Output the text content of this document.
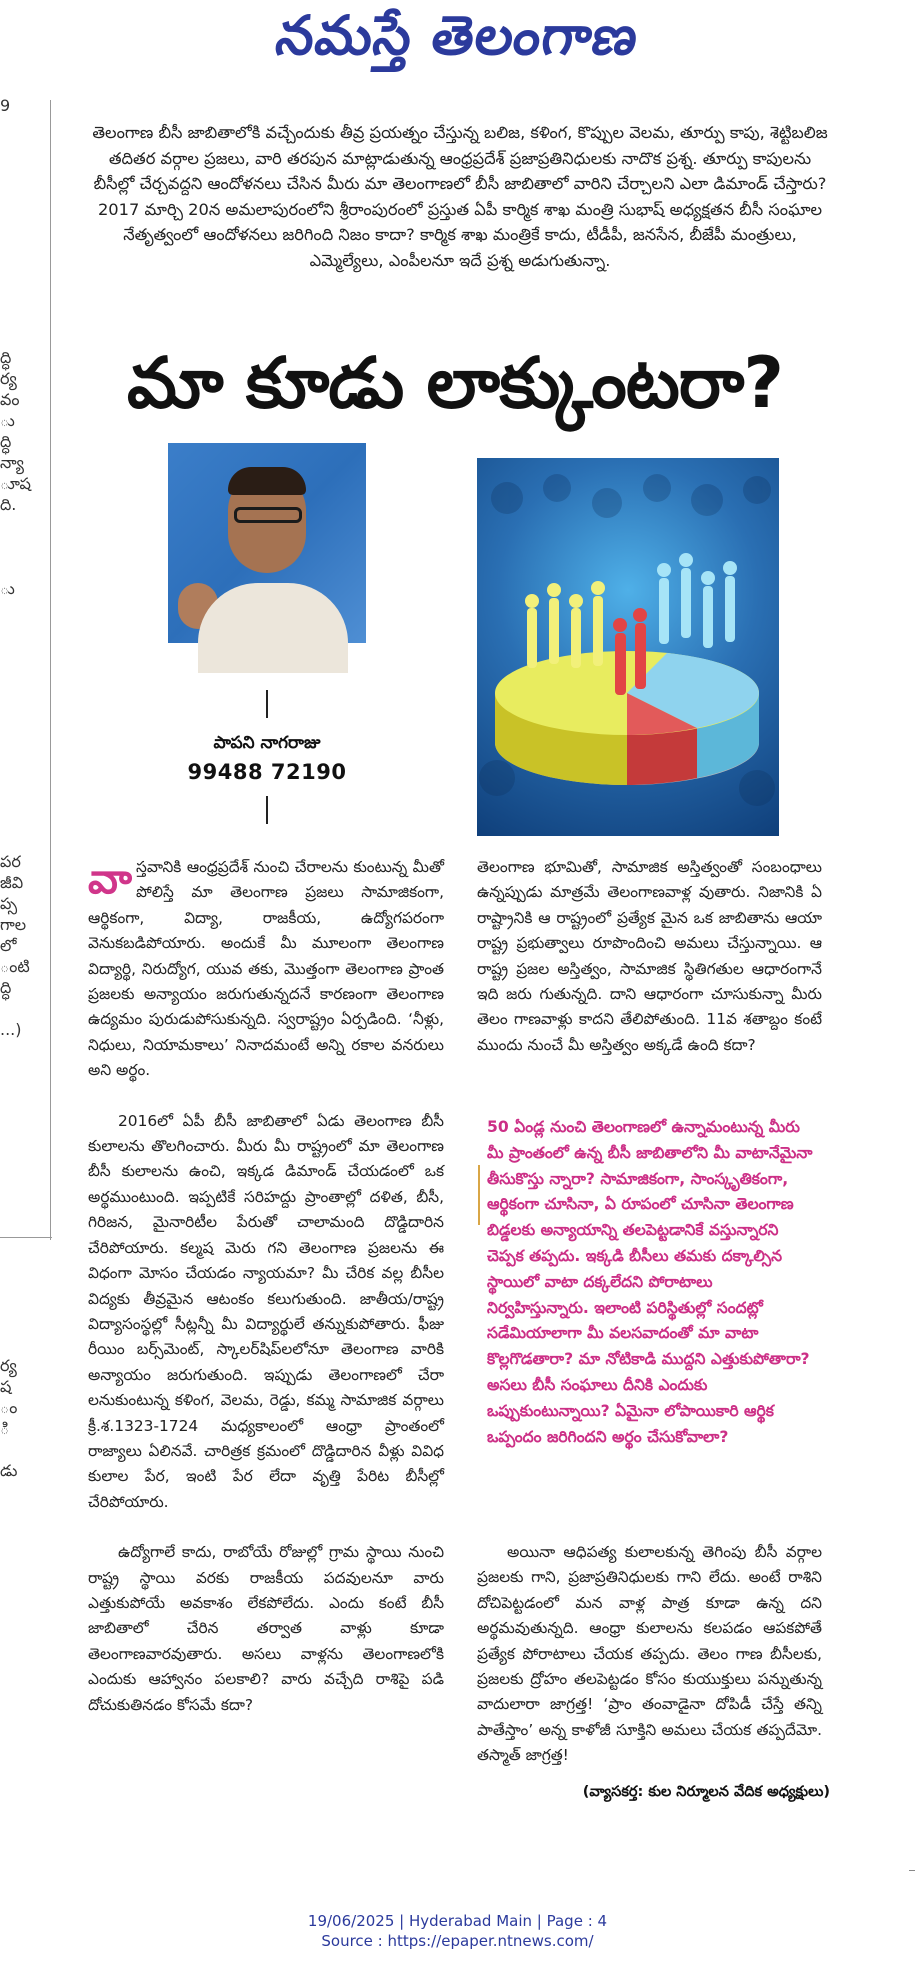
నమస్తే తెలంగాణ
9
ద్ధి
ర్య
వం
ు
ద్ధి
న్యా
ూష
ది.
ు
పర
జీవి
ప్స
గాల
లో
ంటి
ద్ధి
...)
ర్య
ష
ం
ి
డు
తెలంగాణ బీసీ జాబితాలోకి వచ్చేందుకు తీవ్ర ప్రయత్నం చేస్తున్న బలిజ, కళింగ, కొప్పుల వెలమ, తూర్పు కాపు, శెట్టిబలిజ తదితర వర్గాల ప్రజలు, వారి తరపున మాట్లాడుతున్న ఆంధ్రప్రదేశ్ ప్రజాప్రతినిధులకు నాదొక ప్రశ్న. తూర్పు కాపులను బీసీల్లో చేర్చవద్దని ఆందోళనలు చేసిన మీరు మా తెలంగాణలో బీసీ జాబితాలో వారిని చేర్చాలని ఎలా డిమాండ్ చేస్తారు? 2017 మార్చి 20న అమలాపురంలోని శ్రీరాంపురంలో ప్రస్తుత ఏపీ కార్మిక శాఖ మంత్రి సుభాష్ అధ్యక్షతన బీసీ సంఘాల నేతృత్వంలో ఆందోళనలు జరిగింది నిజం కాదా? కార్మిక శాఖ మంత్రికే కాదు, టీడీపీ, జనసేన, బీజేపీ మంత్రులు, ఎమ్మెల్యేలు, ఎంపీలనూ ఇదే ప్రశ్న అడుగుతున్నా.
మా కూడు లాక్కుంటరా?
పాపని నాగరాజు
99488 72190

వాస్తవానికి ఆంధ్రప్రదేశ్ నుంచి చేరాలను కుంటున్న మీతో పోలిస్తే మా తెలంగాణ ప్రజలు సామాజికంగా, ఆర్థికంగా, విద్యా, రాజకీయ, ఉద్యోగపరంగా వెనుకబడిపోయారు. అందుకే మీ మూలంగా తెలంగాణ విద్యార్థి, నిరుద్యోగ, యువ తకు, మొత్తంగా తెలంగాణ ప్రాంత ప్రజలకు అన్యాయం జరుగుతున్నదనే కారణంగా తెలంగాణ ఉద్యమం పురుడుపోసుకున్నది. స్వరాష్ట్రం ఏర్పడింది. ‘నీళ్లు, నిధులు, నియామకాలు’ నినాదమంటే అన్ని రకాల వనరులు అని అర్థం.

2016లో ఏపీ బీసీ జాబితాలో ఏడు తెలంగాణ బీసీ కులాలను తొలగించారు. మీరు మీ రాష్ట్రంలో మా తెలంగాణ బీసీ కులాలను ఉంచి, ఇక్కడ డిమాండ్ చేయడంలో ఒక అర్థముంటుంది. ఇప్పటికే సరిహద్దు ప్రాంతాల్లో దళిత, బీసీ, గిరిజన, మైనారిటీల పేరుతో చాలామంది దొడ్డిదారిన చేరిపోయారు. కల్మష మెరు గని తెలంగాణ ప్రజలను ఈ విధంగా మోసం చేయడం న్యాయమా? మీ చేరిక వల్ల బీసీల విద్యకు తీవ్రమైన ఆటంకం కలుగుతుంది. జాతీయ/రాష్ట్ర విద్యాసంస్థల్లో సీట్లన్నీ మీ విద్యార్థులే తన్నుకుపోతారు. ఫీజు రీయిం బర్స్‌మెంట్, స్కాలర్‌షిప్‌లలోనూ తెలంగాణ వారికి అన్యాయం జరుగుతుంది. ఇప్పుడు తెలంగాణలో చేరా లనుకుంటున్న కళింగ, వెలమ, రెడ్డు, కమ్మ సామాజిక వర్గాలు క్రీ.శ.1323-1724 మధ్యకాలంలో ఆంధ్రా ప్రాంతంలో రాజ్యాలు ఏలినవే. చారిత్రక క్రమంలో దొడ్డిదారిన వీళ్లు వివిధ కులాల పేర, ఇంటి పేర లేదా వృత్తి పేరిట బీసీల్లో చేరిపోయారు.

ఉద్యోగాలే కాదు, రాబోయే రోజుల్లో గ్రామ స్థాయి నుంచి రాష్ట్ర స్థాయి వరకు రాజకీయ పదవులనూ వారు ఎత్తుకుపోయే అవకాశం లేకపోలేదు. ఎందు కంటే బీసీ జాబితాలో చేరిన తర్వాత వాళ్లు కూడా తెలంగాణవారవుతారు. అసలు వాళ్లను తెలంగాణలోకి ఎందుకు ఆహ్వానం పలకాలి? వారు వచ్చేది రాశిపై పడి దోచుకుతినడం కోసమే కదా?

తెలంగాణ భూమితో, సామాజిక అస్తిత్వంతో సంబంధాలు ఉన్నప్పుడు మాత్రమే తెలంగాణవాళ్ల వుతారు. నిజానికి ఏ రాష్ట్రానికి ఆ రాష్ట్రంలో ప్రత్యేక మైన ఒక జాబితాను ఆయా రాష్ట్ర ప్రభుత్వాలు రూపొందించి అమలు చేస్తున్నాయి. ఆ రాష్ట్ర ప్రజల అస్తిత్వం, సామాజిక స్థితిగతుల ఆధారంగానే ఇది జరు గుతున్నది. దాని ఆధారంగా చూసుకున్నా మీరు తెలం గాణవాళ్లు కాదని తేలిపోతుంది. 11వ శతాబ్దం కంటే ముందు నుంచే మీ అస్తిత్వం అక్కడే ఉంది కదా?

50 ఏండ్ల నుంచి తెలంగాణలో ఉన్నామంటున్న మీరు మీ ప్రాంతంలో ఉన్న బీసీ జాబితాలోని మీ వాటానేమైనా తీసుకొస్తు న్నారా? సామాజికంగా, సాంస్కృతికంగా, ఆర్థికంగా చూసినా, ఏ రూపంలో చూసినా తెలంగాణ బిడ్డలకు అన్యాయాన్ని తలపెట్టడానికే వస్తున్నారని చెప్పక తప్పదు. ఇక్కడి బీసీలు తమకు దక్కాల్సిన స్థాయిలో వాటా దక్కలేదని పోరాటాలు నిర్వహిస్తున్నారు. ఇలాంటి పరిస్థితుల్లో సందట్లో సడేమియాలాగా మీ వలసవాదంతో మా వాటా కొల్లగొడతారా? మా నోటికాడి ముద్దని ఎత్తుకుపోతారా? అసలు బీసీ సంఘాలు దీనికి ఎందుకు ఒప్పుకుంటున్నాయి? ఏమైనా లోపాయికారి ఆర్థిక ఒప్పందం జరిగిందని అర్థం చేసుకోవాలా?

అయినా ఆధిపత్య కులాలకున్న తెగింపు బీసీ వర్గాల ప్రజలకు గాని, ప్రజాప్రతినిధులకు గాని లేదు. అంటే రాశిని దోచిపెట్టడంలో మన వాళ్ల పాత్ర కూడా ఉన్న దని అర్థమవుతున్నది. ఆంధ్రా కులాలను కలపడం ఆపకపోతే ప్రత్యేక పోరాటాలు చేయక తప్పదు. తెలం గాణ బీసీలకు, ప్రజలకు ద్రోహం తలపెట్టడం కోసం కుయుక్తులు పన్నుతున్న వాదులారా జాగ్రత్త! ‘ప్రాం తంవాడైనా దోపిడీ చేస్తే తన్ని పాతేస్తాం’ అన్న కాళోజీ సూక్తిని అమలు చేయక తప్పదేమో. తస్మాత్ జాగ్రత్త!

(వ్యాసకర్త: కుల నిర్మూలన వేదిక అధ్యక్షులు)
19/06/2025 | Hyderabad Main | Page : 4
Source : https://epaper.ntnews.com/
